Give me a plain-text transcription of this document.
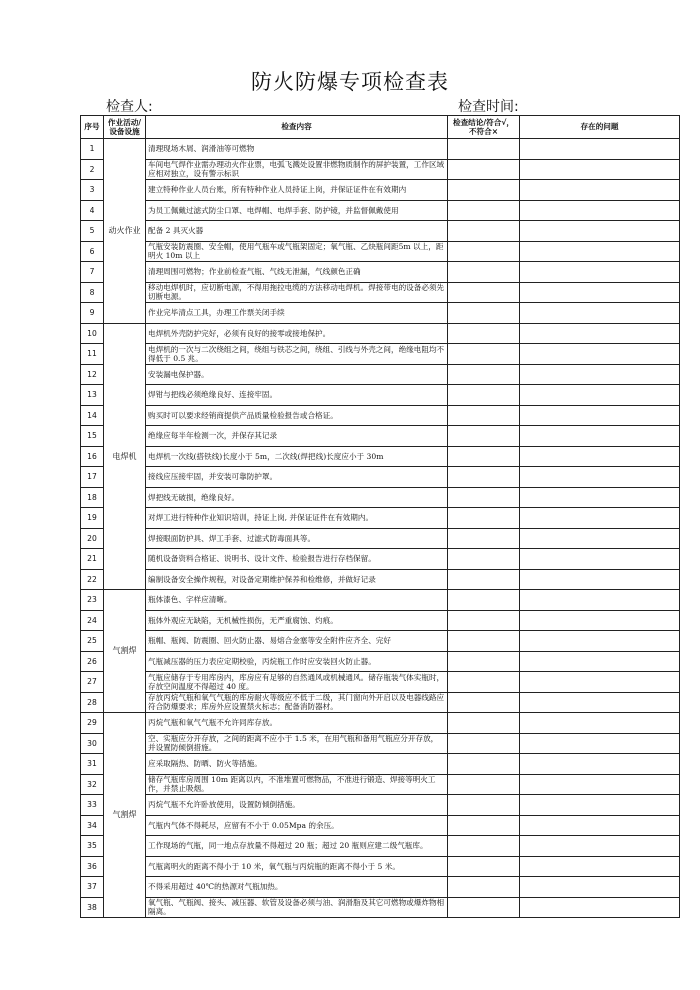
防火防爆专项检查表
检查人:	检查时间:
序号	作业活动/设备设施	检查内容	检查结论/符合√，不符合×	存在的问题
1	动火作业	清理现场木屑、润滑油等可燃物		
2		车间电气焊作业需办理动火作业票，电弧飞溅处设置非燃物质制作的屏护装置，工作区域应相对独立，设有警示标识		
3		建立特种作业人员台账，所有特种作业人员持证上岗，并保证证件在有效期内		
4		为员工佩戴过滤式防尘口罩、电焊帽、电焊手套、防护镜，并监督佩戴使用		
5		配备 2 具灭火器		
6		气瓶安装防震圈、安全帽，使用气瓶车或气瓶架固定；氧气瓶、乙炔瓶间距5m 以上，距明火 10m 以上		
7		清理周围可燃物；作业前检查气瓶、气线无泄漏，气线颜色正确		
8		移动电焊机时，应切断电源，不得用拖拉电缆的方法移动电焊机。焊接带电的设备必须先切断电源。		
9		作业完毕清点工具，办理工作票关闭手续		
10	电焊机	电焊机外壳防护完好，必须有良好的接零或接地保护。		
11		电焊机的一次与二次绕组之间，绕组与铁芯之间，绕组、引线与外壳之间，绝缘电阻均不得低于 0.5 兆。		
12		安装漏电保护器。		
13		焊钳与把线必须绝缘良好、连接牢固。		
14		购买时可以要求经销商提供产品质量检验报告或合格证。		
15		绝缘应每半年检测一次，并保存其记录		
16		电焊机一次线(搭铁线)长度小于 5m，二次线(焊把线)长度应小于 30m		
17		接线应压接牢固，并安装可靠防护罩。		
18		焊把线无破损，绝缘良好。		
19		对焊工进行特种作业知识培训，持证上岗, 并保证证件在有效期内。		
20		焊接眼面防护具、焊工手套、过滤式防毒面具等。		
21		随机设备资料合格证、说明书、设计文件、检验报告进行存档保留。		
22		编制设备安全操作规程，对设备定期维护保养和检维修，并做好记录		
23	气割焊	瓶体漆色、字样应清晰。		
24		瓶体外观应无缺陷，无机械性损伤，无严重腐蚀、灼痕。		
25		瓶帽、瓶阀、防震圈、回火防止器、易熔合金塞等安全附件应齐全、完好		
26		气瓶减压器的压力表应定期校验，丙烷瓶工作时应安装回火防止器。		
27		气瓶应储存于专用库房内，库房应有足够的自然通风或机械通风。储存瓶装气体实瓶时，存放空间温度不得超过 40 度。		
28		存放丙烷气瓶和氧气气瓶的库房耐火等级应不低于二级，其门窗向外开启以及电器线路应符合防爆要求；库房外应设置禁火标志；配备消防器材。		
29	气割焊	丙烷气瓶和氧气气瓶不允许同库存放。		
30		空、实瓶应分开存放，之间的距离不应小于 1.5 米，在用气瓶和备用气瓶应分开存放，并设置防倾倒措施。		
31		应采取隔热、防晒、防火等措施。		
32		储存气瓶库房周围 10m 距离以内，不准堆置可燃物品，不准进行锻造、焊接等明火工作，并禁止吸烟。		
33		丙烷气瓶不允许卧放使用，设置防倾倒措施。		
34		气瓶内气体不得耗尽，应留有不小于 0.05Mpa 的余压。		
35		工作现场的气瓶，同一地点存放量不得超过 20 瓶；超过 20 瓶则应建二级气瓶库。		
36		气瓶离明火的距离不得小于 10 米，氧气瓶与丙烷瓶的距离不得小于 5 米。		
37		不得采用超过 40℃的热源对气瓶加热。		
38		氧气瓶、气瓶阀、接头、减压器、软管及设备必须与油、润滑脂及其它可燃物或爆炸物相隔离。		
